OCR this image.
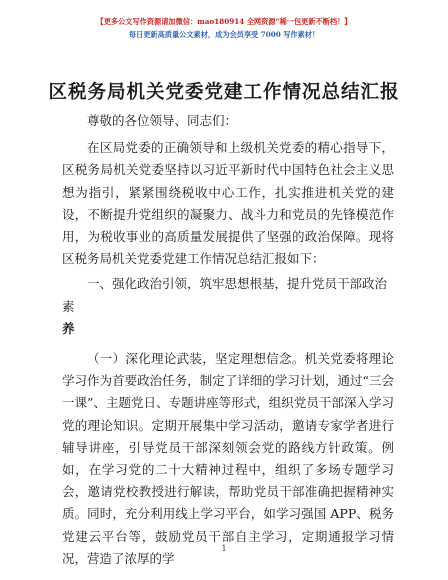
【更多公文写作资源请加微信：mao180914 全网资源“稀一包更新不断档！】
每日更新高质量公文素材，成为会员享受 7000 写作素材！
区税务局机关党委党建工作情况总结汇报

尊敬的各位领导、同志们：

在区局党委的正确领导和上级机关党委的精心指导下，区税务局机关党委坚持以习近平新时代中国特色社会主义思想为指引，紧紧围绕税收中心工作，扎实推进机关党的建设，不断提升党组织的凝聚力、战斗力和党员的先锋模范作用，为税收事业的高质量发展提供了坚强的政治保障。现将区税务局机关党委党建工作情况总结汇报如下：

一、强化政治引领，筑牢思想根基，提升党员干部政治素
养

（一）深化理论武装，坚定理想信念。机关党委将理论学习作为首要政治任务，制定了详细的学习计划，通过“三会一课”、主题党日、专题讲座等形式，组织党员干部深入学习党的理论知识。定期开展集中学习活动，邀请专家学者进行辅导讲座，引导党员干部深刻领会党的路线方针政策。例如，在学习党的二十大精神过程中，组织了多场专题学习会，邀请党校教授进行解读，帮助党员干部准确把握精神实质。同时，充分利用线上学习平台，如学习强国 APP、税务党建云平台等，鼓励党员干部自主学习，定期通报学习情况，营造了浓厚的学

1
